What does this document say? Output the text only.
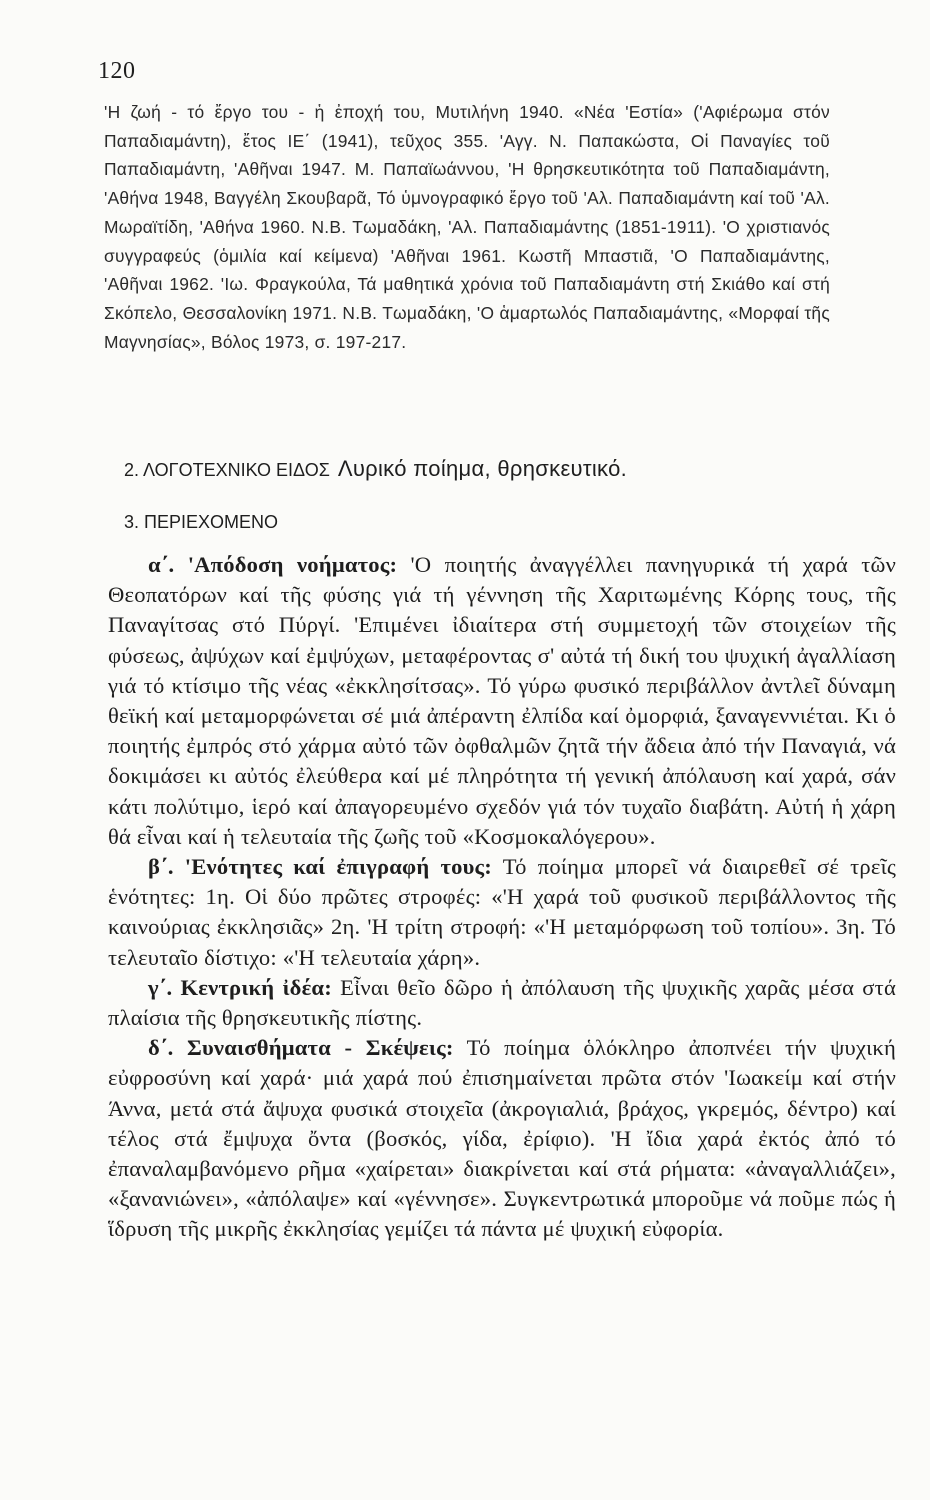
120
'Η ζωή - τό ἔργο του - ἡ ἐποχή του, Μυτιλήνη 1940. «Νέα 'Εστία» ('Αφιέρωμα στόν Παπαδιαμάντη), ἔτος ΙΕ΄ (1941), τεῦχος 355. 'Αγγ. Ν. Παπακώστα, Οἱ Παναγίες τοῦ Παπαδιαμάντη, 'Αθῆναι 1947. Μ. Παπαϊωάννου, 'Η θρησκευτικότητα τοῦ Παπαδιαμάντη, 'Αθήνα 1948, Βαγγέλη Σκουβαρᾶ, Τό ὑμνογραφικό ἔργο τοῦ 'Αλ. Παπαδιαμάντη καί τοῦ 'Αλ. Μωραϊτίδη, 'Αθήνα 1960. Ν.Β. Τωμαδάκη, 'Αλ. Παπαδιαμάντης (1851-1911). 'Ο χριστιανός συγγραφεύς (ὁμιλία καί κείμενα) 'Αθῆναι 1961. Κωστῆ Μπαστιᾶ, 'Ο Παπαδιαμάντης, 'Αθῆναι 1962. 'Ιω. Φραγκούλα, Τά μαθητικά χρόνια τοῦ Παπαδιαμάντη στή Σκιάθο καί στή Σκόπελο, Θεσσαλονίκη 1971. Ν.Β. Τωμαδάκη, 'Ο ἁμαρτωλός Παπαδιαμάντης, «Μορφαί τῆς Μαγνησίας», Βόλος 1973, σ. 197-217.
2. ΛΟΓΟΤΕΧΝΙΚΟ ΕΙΔΟΣ Λυρικό ποίημα, θρησκευτικό.
3. ΠΕΡΙΕΧΟΜΕΝΟ

α΄. 'Απόδοση νοήματος: 'Ο ποιητής ἀναγγέλλει πανηγυρικά τή χαρά τῶν Θεοπατόρων καί τῆς φύσης γιά τή γέννηση τῆς Χαριτωμένης Κόρης τους, τῆς Παναγίτσας στό Πύργί. 'Επιμένει ἰδιαίτερα στή συμμετοχή τῶν στοιχείων τῆς φύσεως, ἀψύχων καί ἐμψύχων, μεταφέροντας σ' αὐτά τή δική του ψυχική ἀγαλλίαση γιά τό κτίσιμο τῆς νέας «ἐκκλησίτσας». Τό γύρω φυσικό περιβάλλον ἀντλεῖ δύναμη θεϊκή καί μεταμορφώνεται σέ μιά ἀπέραντη ἐλπίδα καί ὀμορφιά, ξαναγεννιέται. Κι ὁ ποιητής ἐμπρός στό χάρμα αὐτό τῶν ὀφθαλμῶν ζητᾶ τήν ἄδεια ἀπό τήν Παναγιά, νά δοκιμάσει κι αὐτός ἐλεύθερα καί μέ πληρότητα τή γενική ἀπόλαυση καί χαρά, σάν κάτι πολύτιμο, ἱερό καί ἀπαγορευμένο σχεδόν γιά τόν τυχαῖο διαβάτη. Αὐτή ἡ χάρη θά εἶναι καί ἡ τελευταία τῆς ζωῆς τοῦ «Κοσμοκαλόγερου».

β΄. 'Ενότητες καί ἐπιγραφή τους: Τό ποίημα μπορεῖ νά διαιρεθεῖ σέ τρεῖς ἑνότητες: 1η. Οἱ δύο πρῶτες στροφές: «'Η χαρά τοῦ φυσικοῦ περιβάλλοντος τῆς καινούριας ἐκκλησιᾶς» 2η. 'Η τρίτη στροφή: «'Η μεταμόρφωση τοῦ τοπίου». 3η. Τό τελευταῖο δίστιχο: «'Η τελευταία χάρη».

γ΄. Κεντρική ἰδέα: Εἶναι θεῖο δῶρο ἡ ἀπόλαυση τῆς ψυχικῆς χαρᾶς μέσα στά πλαίσια τῆς θρησκευτικῆς πίστης.

δ΄. Συναισθήματα - Σκέψεις: Τό ποίημα ὁλόκληρο ἀποπνέει τήν ψυχική εὐφροσύνη καί χαρά· μιά χαρά πού ἐπισημαίνεται πρῶτα στόν 'Ιωακείμ καί στήν Άννα, μετά στά ἄψυχα φυσικά στοιχεῖα (ἀκρογιαλιά, βράχος, γκρεμός, δέντρο) καί τέλος στά ἔμψυχα ὄντα (βοσκός, γίδα, ἐρίφιο). 'Η ἴδια χαρά ἐκτός ἀπό τό ἐπαναλαμβανόμενο ρῆμα «χαίρεται» διακρίνεται καί στά ρήματα: «ἀναγαλλιάζει», «ξανανιώνει», «ἀπόλαψε» καί «γέννησε». Συγκεντρωτικά μποροῦμε νά ποῦμε πώς ἡ ἵδρυση τῆς μικρῆς ἐκκλησίας γεμίζει τά πάντα μέ ψυχική εὐφορία.
